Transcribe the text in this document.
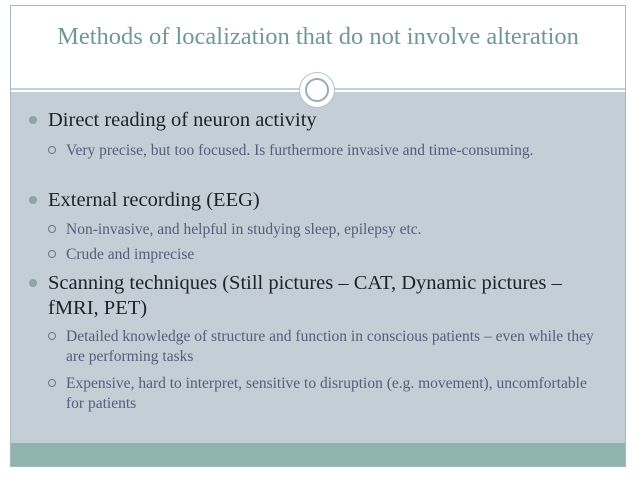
Methods of localization that do not involve alteration
Direct reading of neuron activity
Very precise, but too focused. Is furthermore invasive and time-consuming.
External recording (EEG)
Non-invasive, and helpful in studying sleep, epilepsy etc.
Crude and imprecise
Scanning techniques (Still pictures – CAT, Dynamic pictures – fMRI, PET)
Detailed knowledge of structure and function in conscious patients – even while they are performing tasks
Expensive, hard to interpret, sensitive to disruption (e.g. movement), uncomfortable for patients
